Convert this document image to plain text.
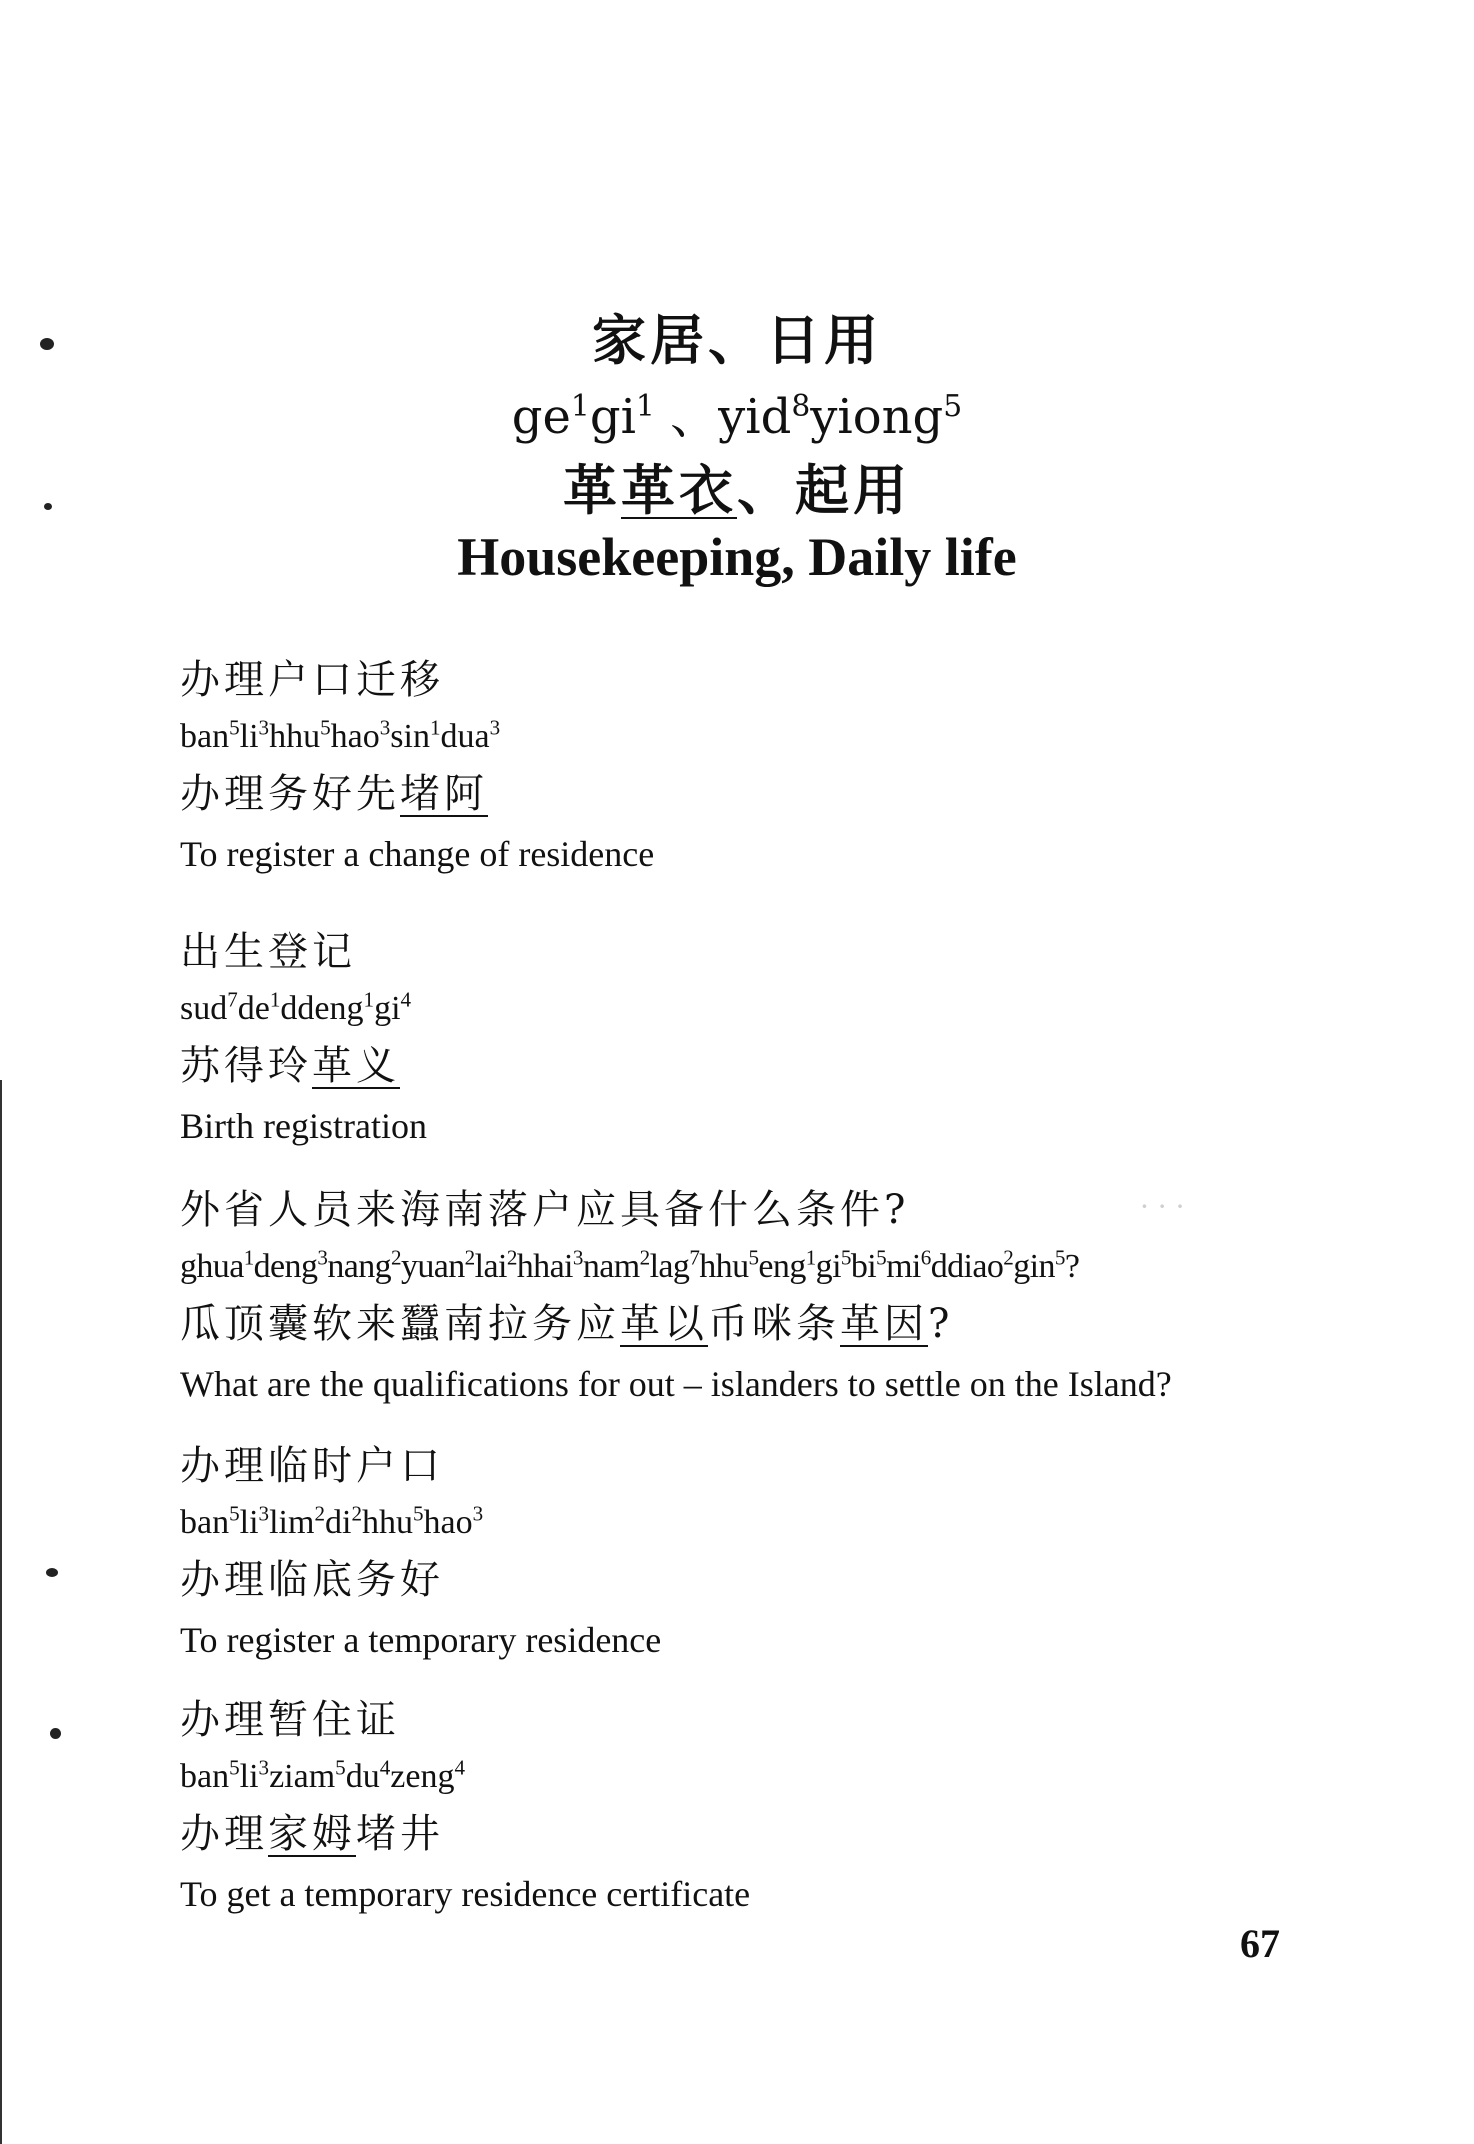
家居、日用
$ge^1gi^1$ 、yid$^8$yiong$^5$
革革衣、起用
Housekeeping, Daily life
办理户口迁移
$ban^5li^3hhu^5hao^3\sin^1dua^3$
办理务好先堵阿
To register a change of residence
出生登记
$sud^7de^1ddeng^1gi^4$
苏得玲革义
Birth registration
外省人员来海南落户应具备什么条件?
$ghua^1deng^3nang^2yuan^2lai^2hhai^3nam^2lag^7hhu^5eng^1gi^5bi^5mi^6ddiao^2gin^5$?
瓜顶囊软来蠶南拉务应革以币咪条革因?
What are the qualifications for out – islanders to settle on the Island?
办理临时户口
$ban^5li^3\lim^2di^2hhu^5hao^3$
办理临底务好
To register a temporary residence
办理暂住证
$ban^5li^3ziam^5du^4zeng^4$
办理家姆堵井
To get a temporary residence certificate
67
· · ·
